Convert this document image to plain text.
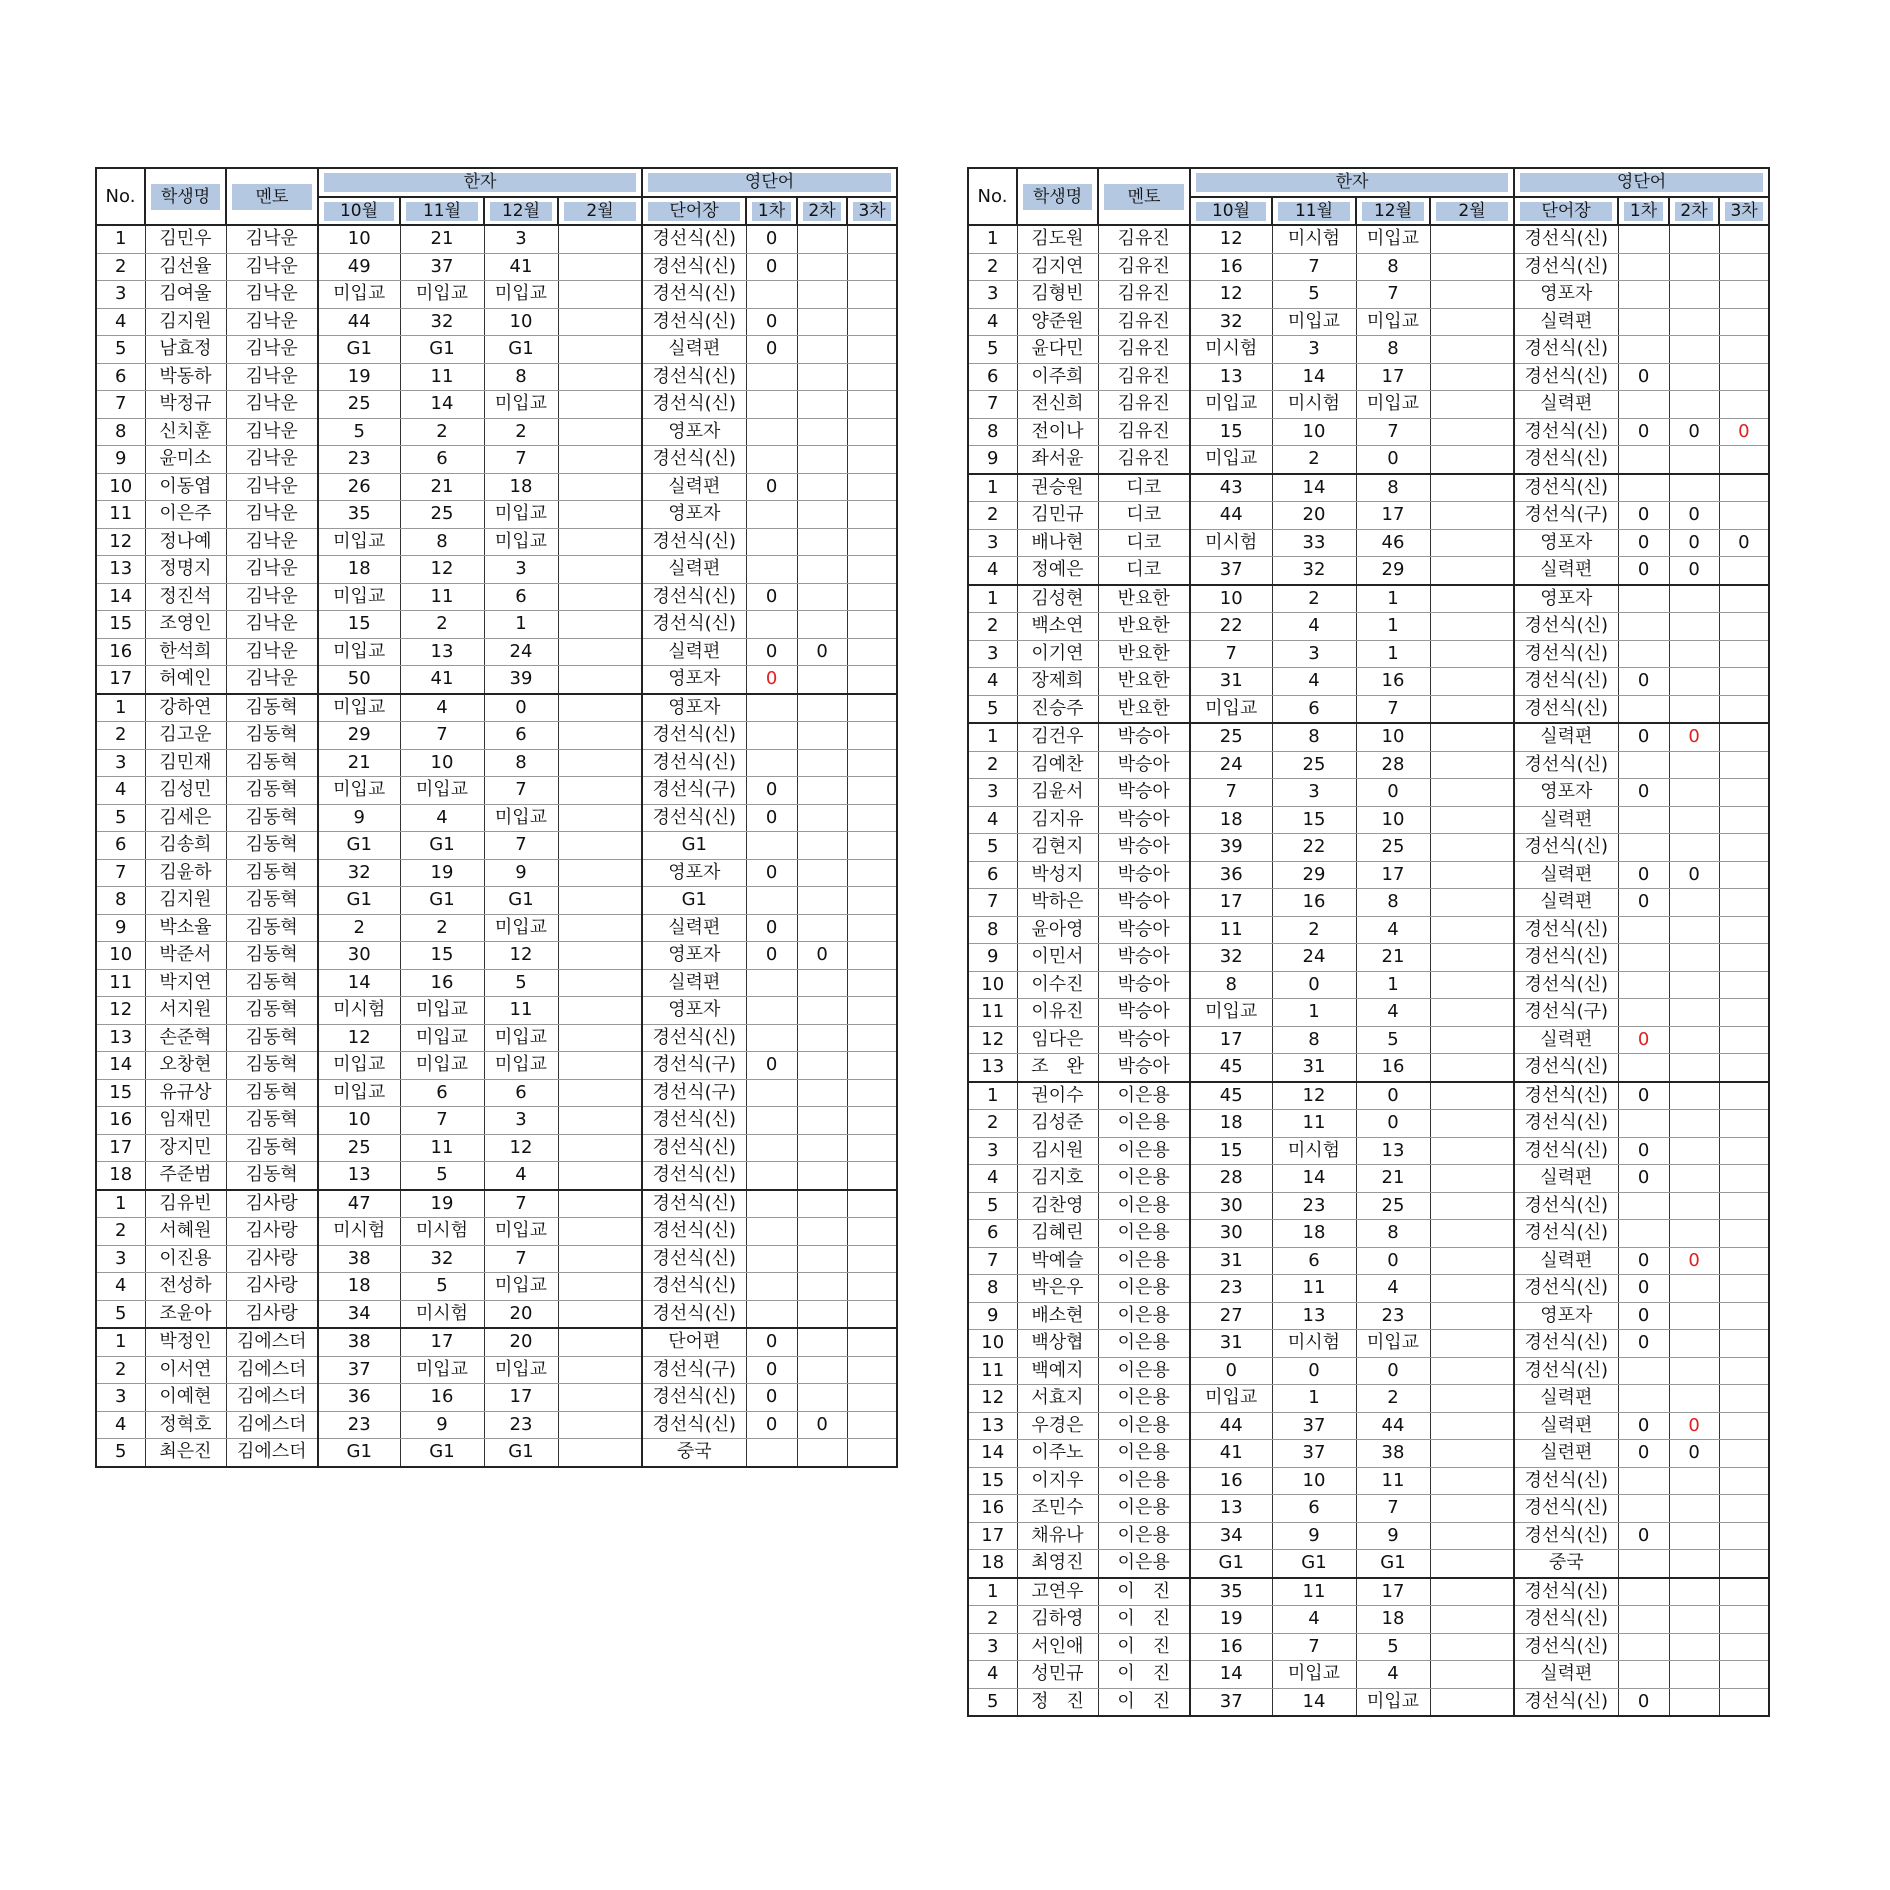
No.	학생명	멘토	한자				영단어			

			10월	11월	12월	2월	단어장	1차	2차	3차

1	김민우	김낙운	10	21	3		경선식(신)	0		
2	김선율	김낙운	49	37	41		경선식(신)	0		
3	김여울	김낙운	미입교	미입교	미입교		경선식(신)			
4	김지원	김낙운	44	32	10		경선식(신)	0		
5	남효정	김낙운	G1	G1	G1		실력편	0		
6	박동하	김낙운	19	11	8		경선식(신)			
7	박정규	김낙운	25	14	미입교		경선식(신)			
8	신치훈	김낙운	5	2	2		영포자			
9	윤미소	김낙운	23	6	7		경선식(신)			
10	이동엽	김낙운	26	21	18		실력편	0		
11	이은주	김낙운	35	25	미입교		영포자			
12	정나예	김낙운	미입교	8	미입교		경선식(신)			
13	정명지	김낙운	18	12	3		실력편			
14	정진석	김낙운	미입교	11	6		경선식(신)	0		
15	조영인	김낙운	15	2	1		경선식(신)			
16	한석희	김낙운	미입교	13	24		실력편	0	0	
17	허예인	김낙운	50	41	39		영포자	0		
1	강하연	김동혁	미입교	4	0		영포자			
2	김고운	김동혁	29	7	6		경선식(신)			
3	김민재	김동혁	21	10	8		경선식(신)			
4	김성민	김동혁	미입교	미입교	7		경선식(구)	0		
5	김세은	김동혁	9	4	미입교		경선식(신)	0		
6	김송희	김동혁	G1	G1	7		G1			
7	김윤하	김동혁	32	19	9		영포자	0		
8	김지원	김동혁	G1	G1	G1		G1			
9	박소율	김동혁	2	2	미입교		실력편	0		
10	박준서	김동혁	30	15	12		영포자	0	0	
11	박지연	김동혁	14	16	5		실력편			
12	서지원	김동혁	미시험	미입교	11		영포자			
13	손준혁	김동혁	12	미입교	미입교		경선식(신)			
14	오창현	김동혁	미입교	미입교	미입교		경선식(구)	0		
15	유규상	김동혁	미입교	6	6		경선식(구)			
16	임재민	김동혁	10	7	3		경선식(신)			
17	장지민	김동혁	25	11	12		경선식(신)			
18	주준범	김동혁	13	5	4		경선식(신)			
1	김유빈	김사랑	47	19	7		경선식(신)			
2	서혜원	김사랑	미시험	미시험	미입교		경선식(신)			
3	이진용	김사랑	38	32	7		경선식(신)			
4	전성하	김사랑	18	5	미입교		경선식(신)			
5	조윤아	김사랑	34	미시험	20		경선식(신)			
1	박정인	김에스더	38	17	20		단어편	0		
2	이서연	김에스더	37	미입교	미입교		경선식(구)	0		
3	이예현	김에스더	36	16	17		경선식(신)	0		
4	정혁호	김에스더	23	9	23		경선식(신)	0	0	
5	최은진	김에스더	G1	G1	G1		중국			
No.	학생명	멘토	한자				영단어			

			10월	11월	12월	2월	단어장	1차	2차	3차

1	김도원	김유진	12	미시험	미입교		경선식(신)			
2	김지연	김유진	16	7	8		경선식(신)			
3	김형빈	김유진	12	5	7		영포자			
4	양준원	김유진	32	미입교	미입교		실력편			
5	윤다민	김유진	미시험	3	8		경선식(신)			
6	이주희	김유진	13	14	17		경선식(신)	0		
7	전신희	김유진	미입교	미시험	미입교		실력편			
8	전이나	김유진	15	10	7		경선식(신)	0	0	0
9	좌서윤	김유진	미입교	2	0		경선식(신)			
1	권승원	디코	43	14	8		경선식(신)			
2	김민규	디코	44	20	17		경선식(구)	0	0	
3	배나현	디코	미시험	33	46		영포자	0	0	0
4	정예은	디코	37	32	29		실력편	0	0	
1	김성현	반요한	10	2	1		영포자			
2	백소연	반요한	22	4	1		경선식(신)			
3	이기연	반요한	7	3	1		경선식(신)			
4	장제희	반요한	31	4	16		경선식(신)	0		
5	진승주	반요한	미입교	6	7		경선식(신)			
1	김건우	박승아	25	8	10		실력편	0	0	
2	김예찬	박승아	24	25	28		경선식(신)			
3	김윤서	박승아	7	3	0		영포자	0		
4	김지유	박승아	18	15	10		실력편			
5	김현지	박승아	39	22	25		경선식(신)			
6	박성지	박승아	36	29	17		실력편	0	0	
7	박하은	박승아	17	16	8		실력편	0		
8	윤아영	박승아	11	2	4		경선식(신)			
9	이민서	박승아	32	24	21		경선식(신)			
10	이수진	박승아	8	0	1		경선식(신)			
11	이유진	박승아	미입교	1	4		경선식(구)			
12	임다은	박승아	17	8	5		실력편	0		
13	조　완	박승아	45	31	16		경선식(신)			
1	권이수	이은용	45	12	0		경선식(신)	0		
2	김성준	이은용	18	11	0		경선식(신)			
3	김시원	이은용	15	미시험	13		경선식(신)	0		
4	김지호	이은용	28	14	21		실력편	0		
5	김찬영	이은용	30	23	25		경선식(신)			
6	김혜린	이은용	30	18	8		경선식(신)			
7	박예슬	이은용	31	6	0		실력편	0	0	
8	박은우	이은용	23	11	4		경선식(신)	0		
9	배소현	이은용	27	13	23		영포자	0		
10	백상협	이은용	31	미시험	미입교		경선식(신)	0		
11	백예지	이은용	0	0	0		경선식(신)			
12	서효지	이은용	미입교	1	2		실력편			
13	우경은	이은용	44	37	44		실력편	0	0	
14	이주노	이은용	41	37	38		실련편	0	0	
15	이지우	이은용	16	10	11		경선식(신)			
16	조민수	이은용	13	6	7		경선식(신)			
17	채유나	이은용	34	9	9		경선식(신)	0		
18	최영진	이은용	G1	G1	G1		중국			
1	고연우	이　진	35	11	17		경선식(신)			
2	김하영	이　진	19	4	18		경선식(신)			
3	서인애	이　진	16	7	5		경선식(신)			
4	성민규	이　진	14	미입교	4		실력편			
5	정　진	이　진	37	14	미입교		경선식(신)	0		
